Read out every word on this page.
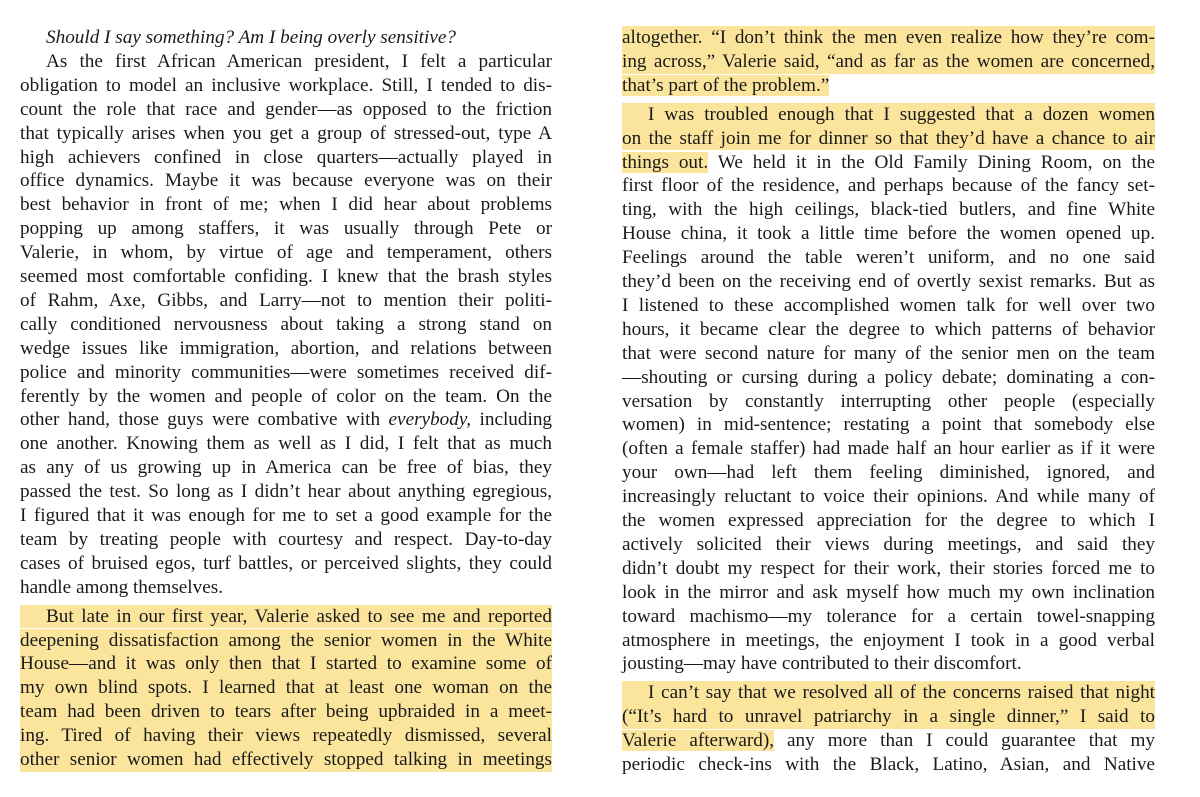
Should I say something? Am I being overly sensitive?
As the first African American president, I felt a particular
obligation to model an inclusive workplace. Still, I tended to dis-
count the role that race and gender—as opposed to the friction
that typically arises when you get a group of stressed-out, type A
high achievers confined in close quarters—actually played in
office dynamics. Maybe it was because everyone was on their
best behavior in front of me; when I did hear about problems
popping up among staffers, it was usually through Pete or
Valerie, in whom, by virtue of age and temperament, others
seemed most comfortable confiding. I knew that the brash styles
of Rahm, Axe, Gibbs, and Larry—not to mention their politi-
cally conditioned nervousness about taking a strong stand on
wedge issues like immigration, abortion, and relations between
police and minority communities—were sometimes received dif-
ferently by the women and people of color on the team. On the
other hand, those guys were combative with everybody, including
one another. Knowing them as well as I did, I felt that as much
as any of us growing up in America can be free of bias, they
passed the test. So long as I didn’t hear about anything egregious,
I figured that it was enough for me to set a good example for the
team by treating people with courtesy and respect. Day-to-day
cases of bruised egos, turf battles, or perceived slights, they could
handle among themselves.
But late in our first year, Valerie asked to see me and reported
deepening dissatisfaction among the senior women in the White
House—and it was only then that I started to examine some of
my own blind spots. I learned that at least one woman on the
team had been driven to tears after being upbraided in a meet-
ing. Tired of having their views repeatedly dismissed, several
other senior women had effectively stopped talking in meetings
altogether. “I don’t think the men even realize how they’re com-
ing across,” Valerie said, “and as far as the women are concerned,
that’s part of the problem.”
I was troubled enough that I suggested that a dozen women
on the staff join me for dinner so that they’d have a chance to air
things out. We held it in the Old Family Dining Room, on the
first floor of the residence, and perhaps because of the fancy set-
ting, with the high ceilings, black-tied butlers, and fine White
House china, it took a little time before the women opened up.
Feelings around the table weren’t uniform, and no one said
they’d been on the receiving end of overtly sexist remarks. But as
I listened to these accomplished women talk for well over two
hours, it became clear the degree to which patterns of behavior
that were second nature for many of the senior men on the team
—shouting or cursing during a policy debate; dominating a con-
versation by constantly interrupting other people (especially
women) in mid-sentence; restating a point that somebody else
(often a female staffer) had made half an hour earlier as if it were
your own—had left them feeling diminished, ignored, and
increasingly reluctant to voice their opinions. And while many of
the women expressed appreciation for the degree to which I
actively solicited their views during meetings, and said they
didn’t doubt my respect for their work, their stories forced me to
look in the mirror and ask myself how much my own inclination
toward machismo—my tolerance for a certain towel-snapping
atmosphere in meetings, the enjoyment I took in a good verbal
jousting—may have contributed to their discomfort.
I can’t say that we resolved all of the concerns raised that night
(“It’s hard to unravel patriarchy in a single dinner,” I said to
Valerie afterward), any more than I could guarantee that my
periodic check-ins with the Black, Latino, Asian, and Native
